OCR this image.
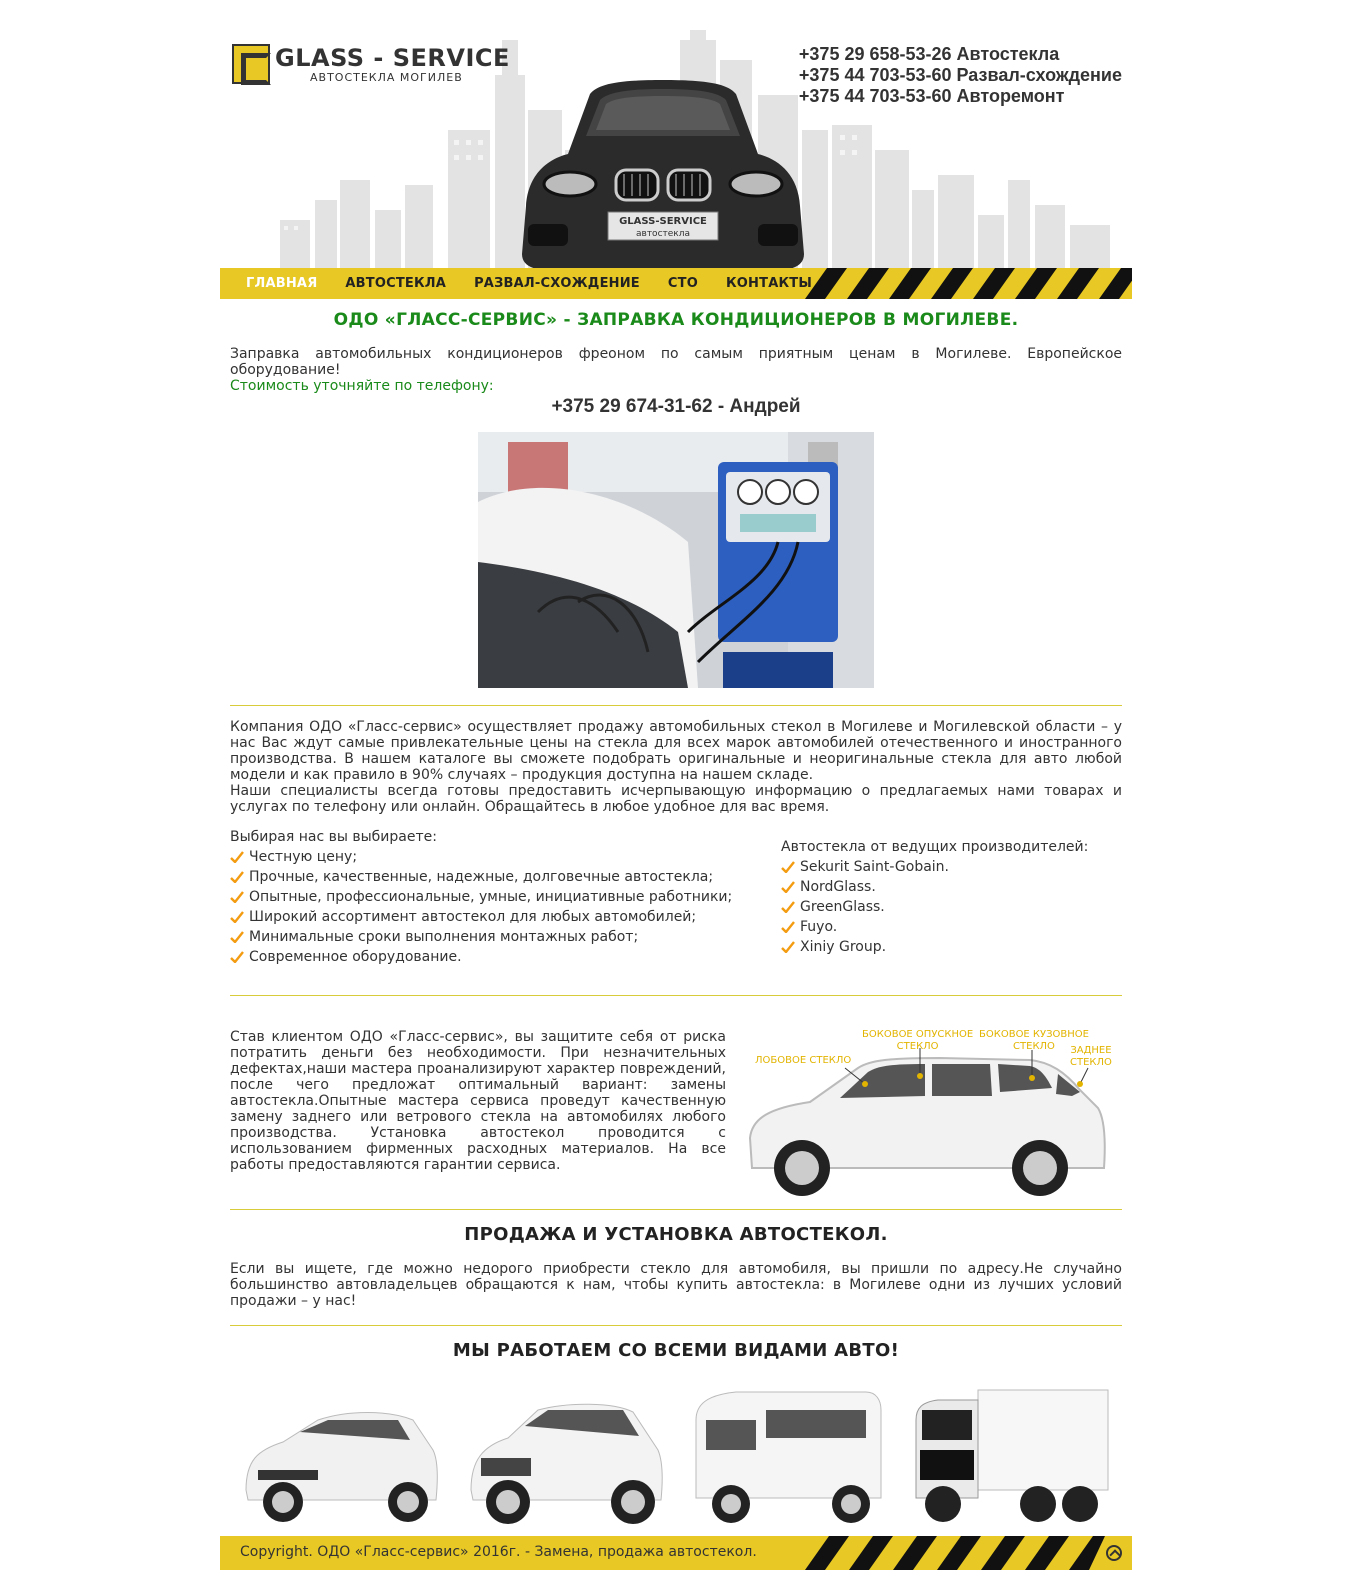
GLASS - SERVICE
АВТОСТЕКЛА МОГИЛЕВ
GLASS-SERVICE
автостекла
+375 29 658-53-26 Автостекла
+375 44 703-53-60 Развал-схождение
+375 44 703-53-60 Авторемонт
ГЛАВНАЯ АВТОСТЕКЛА РАЗВАЛ-СХОЖДЕНИЕ СТО КОНТАКТЫ
ОДО «ГЛАСС-СЕРВИС» - ЗАПРАВКА КОНДИЦИОНЕРОВ В МОГИЛЕВЕ.

Заправка автомобильных кондиционеров фреоном по самым приятным ценам в Могилеве. Европейское оборудование!

Стоимость уточняйте по телефону:

+375 29 674-31-62 - Андрей

Компания ОДО «Гласс-сервис» осуществляет продажу автомобильных стекол в Могилеве и Могилевской области – у нас Вас ждут самые привлекательные цены на стекла для всех марок автомобилей отечественного и иностранного производства. В нашем каталоге вы сможете подобрать оригинальные и неоригинальные стекла для авто любой модели и как правило в 90% случаях – продукция доступна на нашем складе.

Наши специалисты всегда готовы предоставить исчерпывающую информацию о предлагаемых нами товарах и услугах по телефону или онлайн. Обращайтесь в любое удобное для вас время.

Выбирая нас вы выбираете:
Честную цену;
Прочные, качественные, надежные, долговечные автостекла;
Опытные, профессиональные, умные, инициативные работники;
Широкий ассортимент автостекол для любых автомобилей;
Минимальные сроки выполнения монтажных работ;
Современное оборудование.
Автостекла от ведущих производителей:
Sekurit Saint-Gobain.
NordGlass.
GreenGlass.
Fuyo.
Xiniy Group.

Став клиентом ОДО «Гласс-сервис», вы защитите себя от риска потратить деньги без необходимости. При незначительных дефектах,наши мастера проанализируют характер повреждений, после чего предложат оптимальный вариант: замены автостекла.Опытные мастера сервиса проведут качественную замену заднего или ветрового стекла на автомобилях любого производства. Установка автостекол проводится с использованием фирменных расходных материалов. На все работы предоставляются гарантии сервиса.

ЛОБОВОЕ СТЕКЛО
БОКОВОЕ ОПУСКНОЕ
СТЕКЛО
БОКОВОЕ КУЗОВНОЕ
СТЕКЛО	ЗАДНЕЕ
СТЕКЛО
ПРОДАЖА И УСТАНОВКА АВТОСТЕКОЛ.

Если вы ищете, где можно недорого приобрести стекло для автомобиля, вы пришли по адресу.Не случайно большинство автовладельцев обращаются к нам, чтобы купить автостекла: в Могилеве одни из лучших условий продажи – у нас!

МЫ РАБОТАЕМ СО ВСЕМИ ВИДАМИ АВТО!
Copyright. ОДО «Гласс-сервис» 2016г. - Замена, продажа автостекол.
